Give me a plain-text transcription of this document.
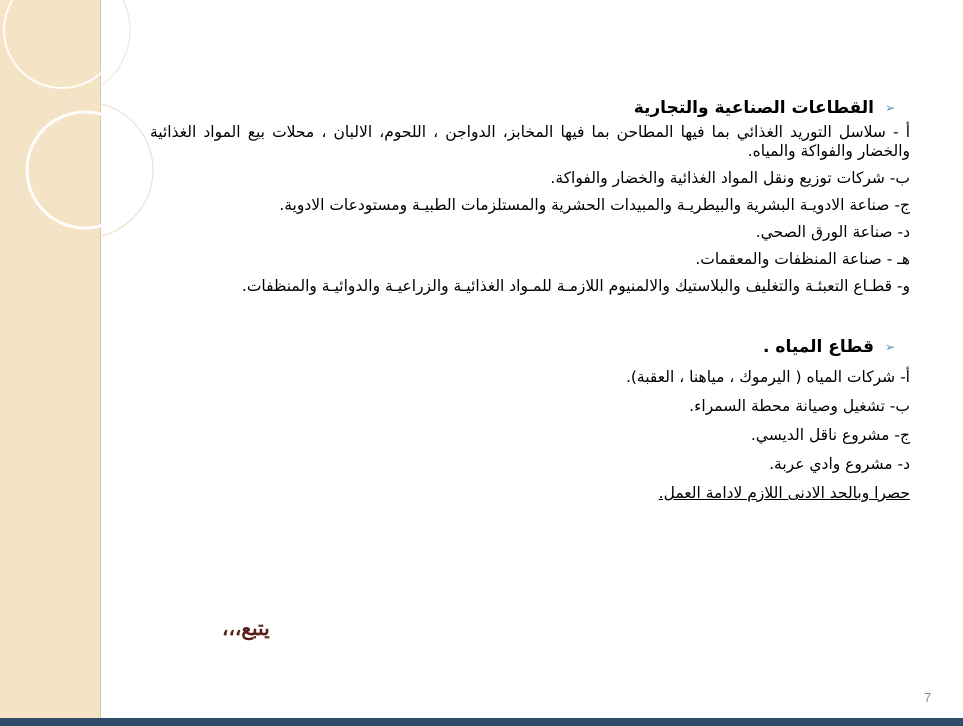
➢
القطاعات الصناعية والتجارية
أ - سلاسل التوريد الغذائي بما فيها المطاحن بما فيها المخابز، الدواجن ، اللحوم، الالبان ، محلات بيع المواد الغذائية والخضار والفواكة والمياه.
ب- شركات توزيع ونقل المواد الغذائية والخضار والفواكة.
ج- صناعة الادويـة البشرية والبيطريـة والمبيدات الحشرية والمستلزمات الطبيـة ومستودعات الادوية.
د- صناعة الورق الصحي.
هـ - صناعة المنظفات والمعقمات.
و- قطـاع التعبئـة والتغليف والبلاستيك والالمنيوم اللازمـة للمـواد الغذائيـة والزراعيـة والدوائيـة والمنظفات.
➢
قطاع المياه .
أ- شركات المياه ( اليرموك ، مياهنا ، العقبة).
ب- تشغيل وصيانة محطة السمراء.
ج- مشروع ناقل الديسي.
د- مشروع وادي عربة.
حصرا وبالحد الادنى اللازم لادامة العمل.
يتبع،،،
7
